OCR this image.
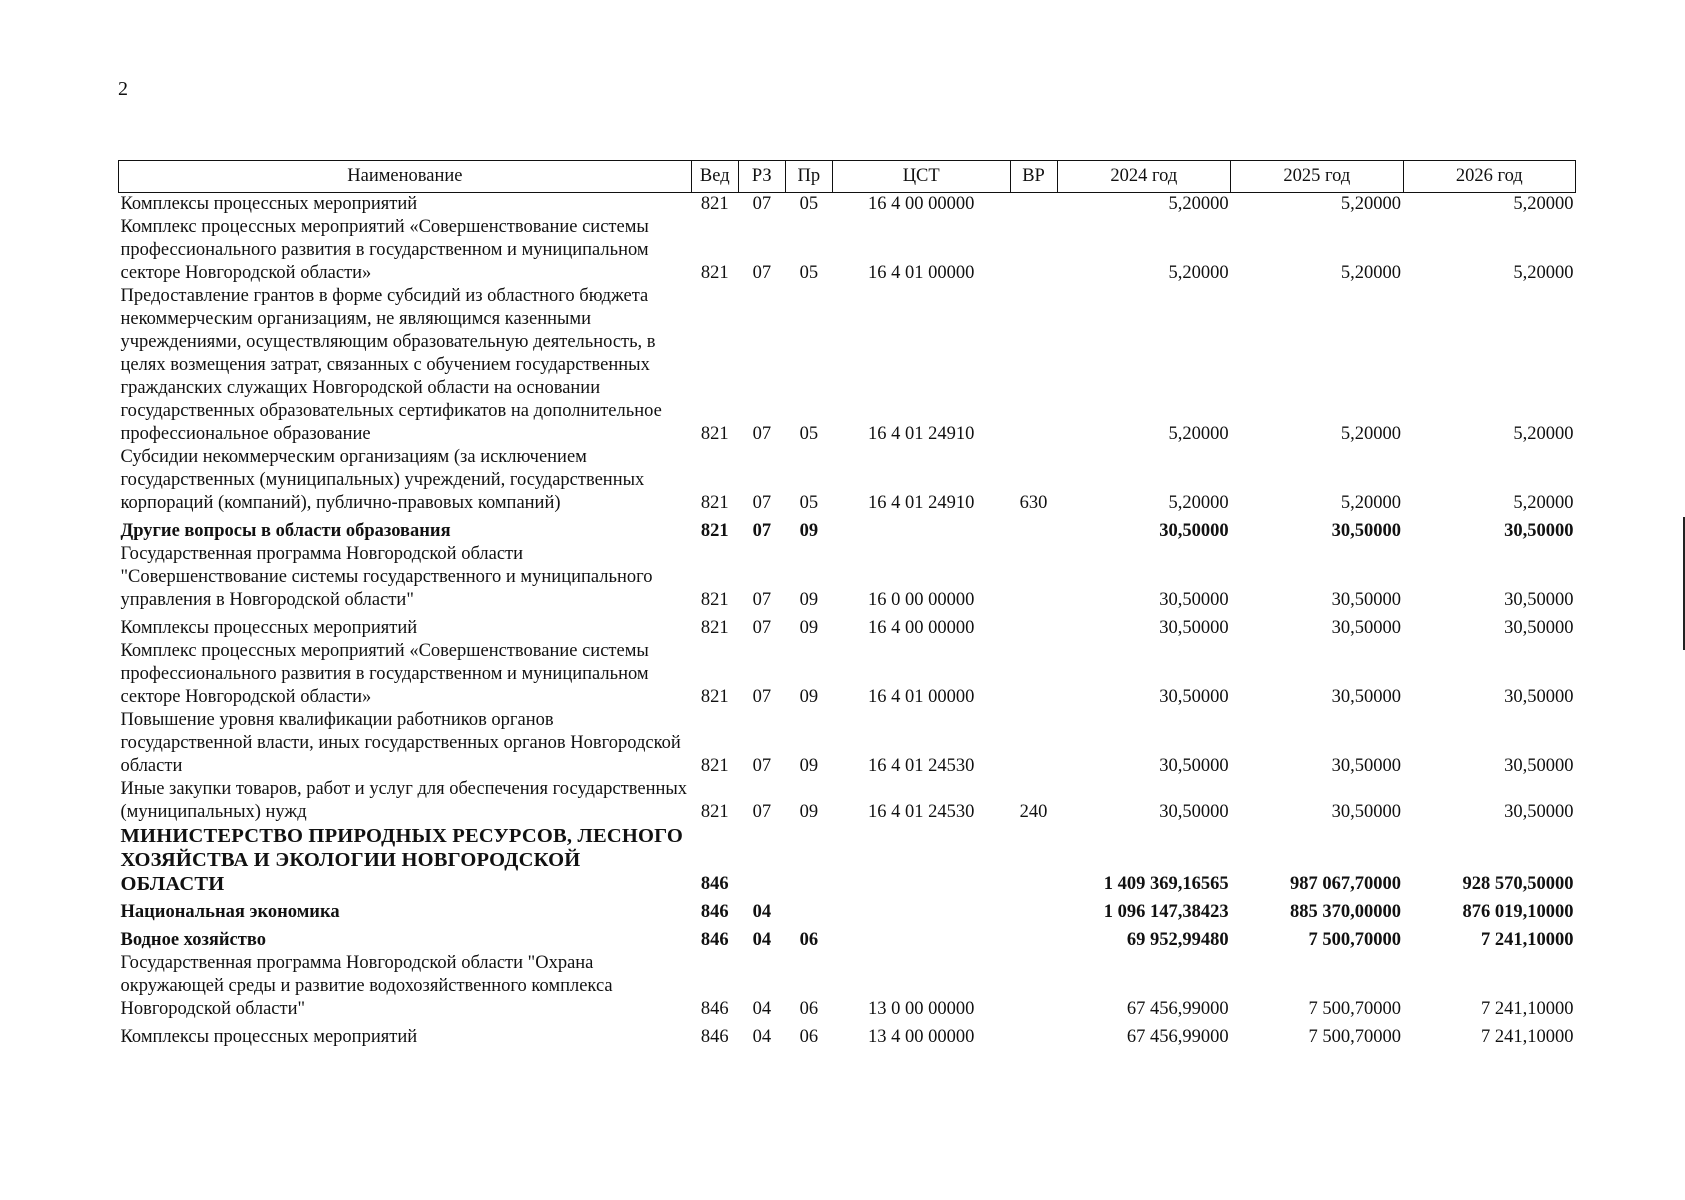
2
Наименование	Вед	РЗ	Пр	ЦСТ	ВР	2024 год	2025 год	2026 год
Комплексы процессных мероприятий	821	07	05	16 4 00 00000		5,20000	5,20000	5,20000
Комплекс процессных мероприятий «Совершенствование системы профессионального развития в государственном и муниципальном секторе Новгородской области»	821	07	05	16 4 01 00000		5,20000	5,20000	5,20000
Предоставление грантов в форме субсидий из областного бюджета некоммерческим организациям, не являющимся казенными учреждениями, осуществляющим образовательную деятельность, в целях возмещения затрат, связанных с обучением государственных гражданских служащих Новгородской области на основании государственных образовательных сертификатов на дополнительное профессиональное образование	821	07	05	16 4 01 24910		5,20000	5,20000	5,20000
Субсидии некоммерческим организациям (за исключением государственных (муниципальных) учреждений, государственных корпораций (компаний), публично-правовых компаний)	821	07	05	16 4 01 24910	630	5,20000	5,20000	5,20000
Другие вопросы в области образования	821	07	09			30,50000	30,50000	30,50000
Государственная программа Новгородской области "Совершенствование системы государственного и муниципального управления в Новгородской области"	821	07	09	16 0 00 00000		30,50000	30,50000	30,50000
Комплексы процессных мероприятий	821	07	09	16 4 00 00000		30,50000	30,50000	30,50000
Комплекс процессных мероприятий «Совершенствование системы профессионального развития в государственном и муниципальном секторе Новгородской области»	821	07	09	16 4 01 00000		30,50000	30,50000	30,50000
Повышение уровня квалификации работников органов государственной власти, иных государственных органов Новгородской области	821	07	09	16 4 01 24530		30,50000	30,50000	30,50000
Иные закупки товаров, работ и услуг для обеспечения государственных (муниципальных) нужд	821	07	09	16 4 01 24530	240	30,50000	30,50000	30,50000
МИНИСТЕРСТВО ПРИРОДНЫХ РЕСУРСОВ, ЛЕСНОГО ХОЗЯЙСТВА И ЭКОЛОГИИ НОВГОРОДСКОЙ ОБЛАСТИ	846					1 409 369,16565	987 067,70000	928 570,50000
Национальная экономика	846	04				1 096 147,38423	885 370,00000	876 019,10000
Водное хозяйство	846	04	06			69 952,99480	7 500,70000	7 241,10000
Государственная программа Новгородской области "Охрана окружающей среды и развитие водохозяйственного комплекса Новгородской области"	846	04	06	13 0 00 00000		67 456,99000	7 500,70000	7 241,10000
Комплексы процессных мероприятий	846	04	06	13 4 00 00000		67 456,99000	7 500,70000	7 241,10000
